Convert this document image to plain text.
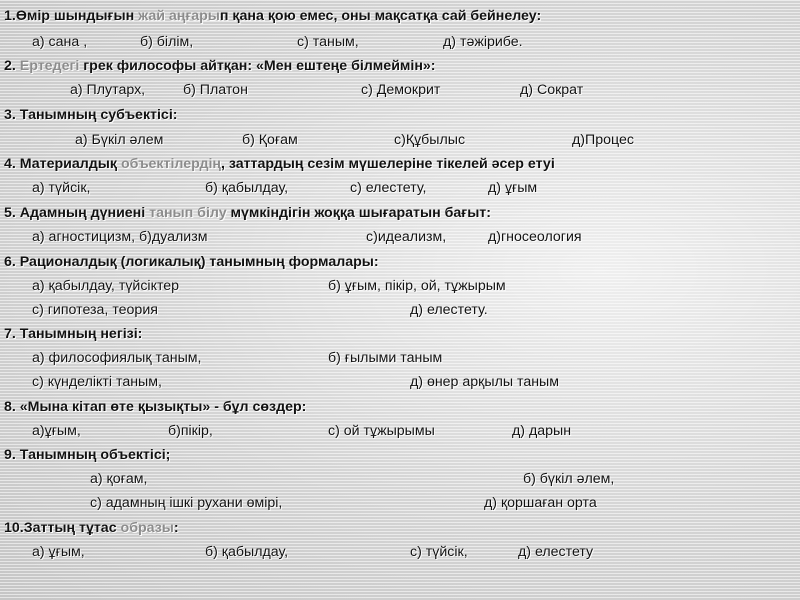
1.Өмір шындығын жай аңғарып қана қою емес, оны мақсатқа сай бейнелеу:
а) сана ,	б) білім,	с) таным,	д) тәжірибе.
2. Ертедегі грек философы айтқан: «Мен ештеңе білмеймін»:
а) Плутарх,	б) Платон	с) Демокрит	д) Сократ
3. Танымның субъектісі:
а) Бүкіл әлем	б) Қоғам	с)Құбылыс	д)Процес
4. Материалдық объектілердің, заттардың сезім мүшелеріне тікелей әсер етуі
а) түйсік,	б) қабылдау,	с) елестету,	д) ұғым
5. Адамның дүниені танып білу мүмкіндігін жоққа шығаратын бағыт:
а) агностицизм, б)дуализм	с)идеализм,	д)гносеология
6. Рационалдық (логикалық) танымның формалары:
а) қабылдау, түйсіктер	б) ұғым, пікір, ой, тұжырым
с) гипотеза, теория	д) елестету.
7. Танымның негізі:
а) философиялық таным,	б) ғылыми таным
с) күнделікті таным,	д) өнер арқылы таным
8. «Мына кітап өте қызықты» - бұл сөздер:
а)ұғым,	б)пікір,	с) ой тұжырымы	д) дарын
9. Танымның объектісі;
а) қоғам,	б) бүкіл әлем,
с) адамның ішкі рухани өмірі,	д) қоршаған орта
10.Заттың тұтас образы:
а) ұғым,	б) қабылдау,	с) түйсік,	д) елестету
